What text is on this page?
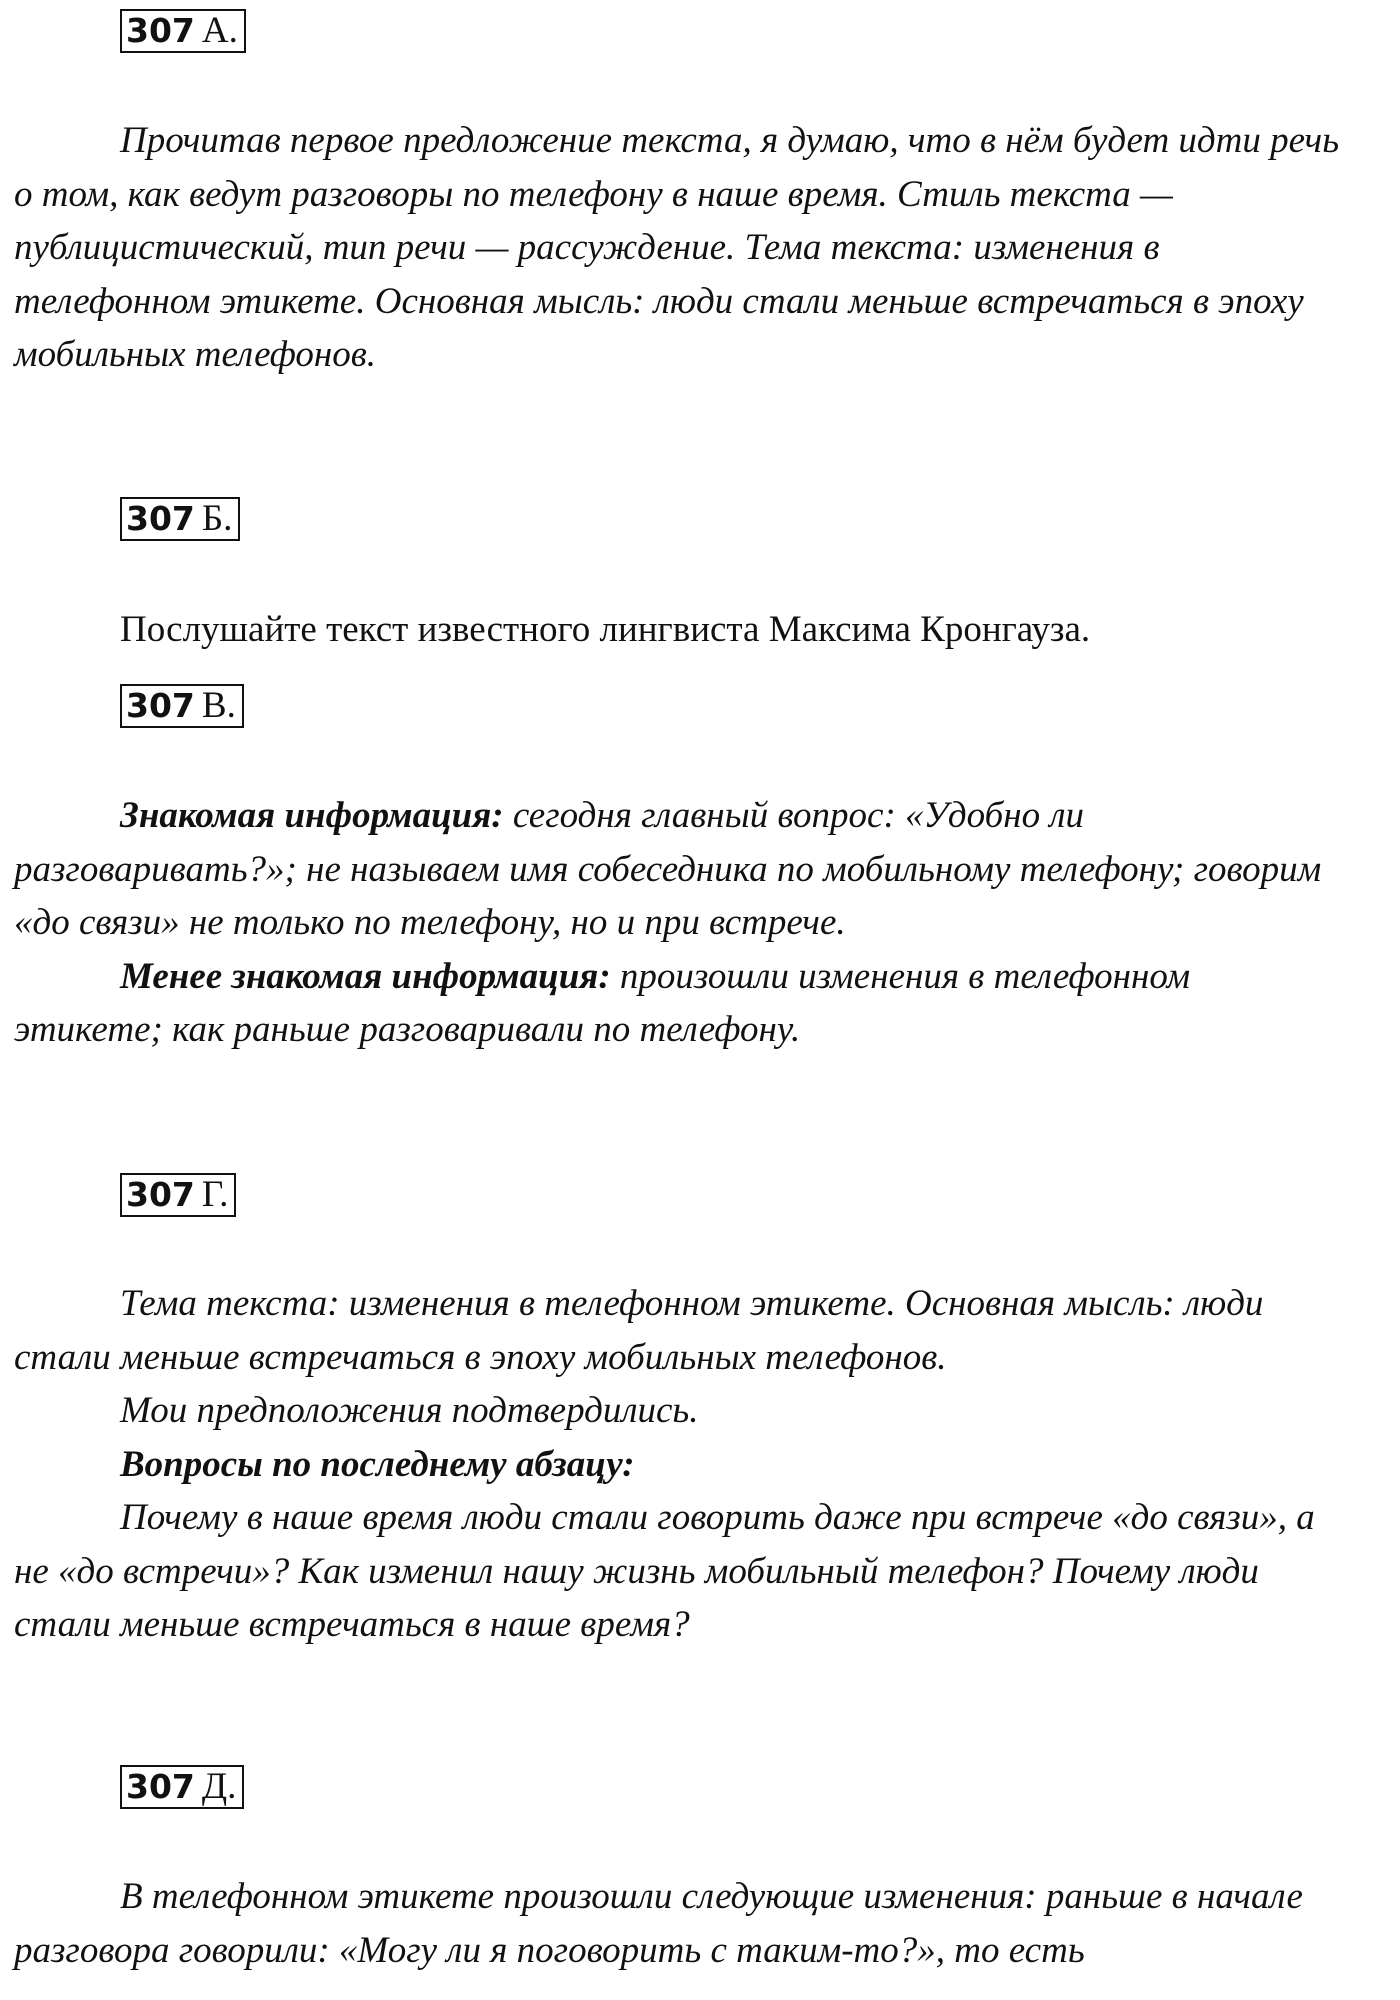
307 А.

Прочитав первое предложение текста, я думаю, что в нём будет идти речь о том, как ведут разговоры по телефону в наше время. Стиль текста — публицистический, тип речи — рассуждение. Тема текста: изменения в телефонном этикете. Основная мысль: люди стали меньше встречаться в эпоху мобильных телефонов.

307 Б.

Послушайте текст известного лингвиста Максима Кронгауза.

307 В.

Знакомая информация: сегодня главный вопрос: «Удобно ли разговаривать?»; не называем имя собеседника по мобильному телефону; говорим «до связи» не только по телефону, но и при встрече.

Менее знакомая информация: произошли изменения в телефонном этикете; как раньше разговаривали по телефону.

307 Г.

Тема текста: изменения в телефонном этикете. Основная мысль: люди стали меньше встречаться в эпоху мобильных телефонов.

Мои предположения подтвердились.

Вопросы по последнему абзацу:

Почему в наше время люди стали говорить даже при встрече «до связи», а не «до встречи»? Как изменил нашу жизнь мобильный телефон? Почему люди стали меньше встречаться в наше время?

307 Д.

В телефонном этикете произошли следующие изменения: раньше в начале разговора говорили: «Могу ли я поговорить с таким-то?», то есть
